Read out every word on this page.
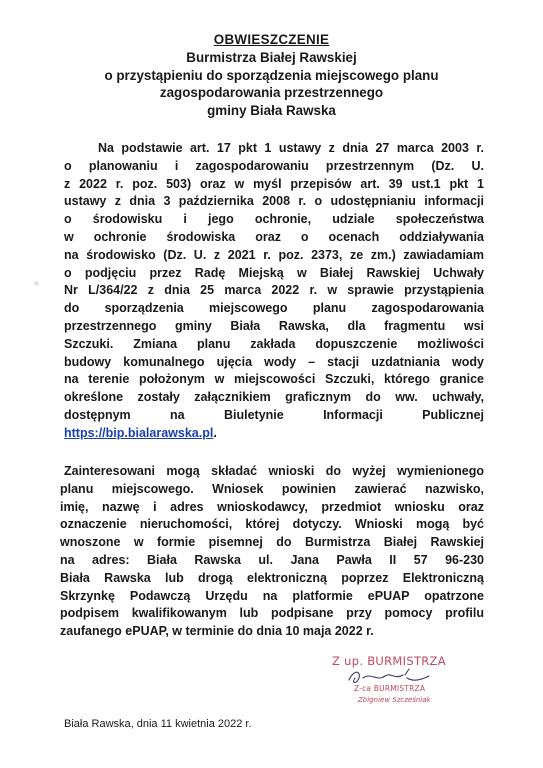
OBWIESZCZENIE
Burmistrza Białej Rawskiej
o przystąpieniu do sporządzenia miejscowego planu
zagospodarowania przestrzennego
gminy Biała Rawska
Na podstawie art. 17 pkt 1 ustawy z dnia 27 marca 2003 r.
o planowaniu i zagospodarowaniu przestrzennym (Dz. U.
z 2022 r. poz. 503) oraz w myśl przepisów art. 39 ust.1 pkt 1
ustawy z dnia 3 października 2008 r. o udostępnianiu informacji
o środowisku i jego ochronie, udziale społeczeństwa
w ochronie środowiska oraz o ocenach oddziaływania
na środowisko (Dz. U. z 2021 r. poz. 2373, ze zm.) zawiadamiam
o podjęciu przez Radę Miejską w Białej Rawskiej Uchwały
Nr L/364/22 z dnia 25 marca 2022 r. w sprawie przystąpienia
do sporządzenia miejscowego planu zagospodarowania
przestrzennego gminy Biała Rawska, dla fragmentu wsi
Szczuki. Zmiana planu zakłada dopuszczenie możliwości
budowy komunalnego ujęcia wody – stacji uzdatniania wody
na terenie położonym w miejscowości Szczuki, którego granice
określone zostały załącznikiem graficznym do ww. uchwały,
dostępnym na Biuletynie Informacji Publicznej
https://bip.bialarawska.pl.
Zainteresowani mogą składać wnioski do wyżej wymienionego
planu miejscowego. Wniosek powinien zawierać nazwisko,
imię, nazwę i adres wnioskodawcy, przedmiot wniosku oraz
oznaczenie nieruchomości, której dotyczy. Wnioski mogą być
wnoszone w formie pisemnej do Burmistrza Białej Rawskiej
na adres: Biała Rawska ul. Jana Pawła II 57 96-230
Biała Rawska lub drogą elektroniczną poprzez Elektroniczną
Skrzynkę Podawczą Urzędu na platformie ePUAP opatrzone
podpisem kwalifikowanym lub podpisane przy pomocy profilu
zaufanego ePUAP, w terminie do dnia 10 maja 2022 r.
Z up. BURMISTRZA
Z-ca BURMISTRZA
Zbigniew Szcześniak
Biała Rawska, dnia 11 kwietnia 2022 r.
